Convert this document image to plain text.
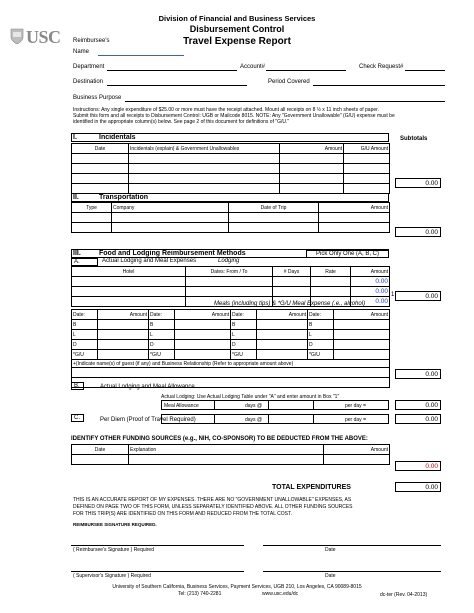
USC
Division of Financial and Business Services
Disbursement Control
Travel Expense Report
Reimbursee's
Name
Department	Account#	Check Request#
Destination	Period Covered
Business Purpose
Instructions: Any single expenditure of $25.00 or more must have the receipt attached. Mount all receipts on 8 ½ x 11 inch sheets of paper.
Submit this form and all receipts to Disbursement Control: UGB or Mailcode 8015. NOTE: Any "Government Unallowable" (G/U) expense must be
identified in the appropriate column(s) below. See page 2 of this document for definitions of "G/U."
I.	Incidentals	Subtotals
Date	Incidentals (explain) & Government Unallowables	Amount	G/U Amount

0.00
II.	Transportation
Type	Company	Date of Trip	Amount

0.00
III.	Food and Lodging Reimbursement Methods	Pick Only One (A, B, C)
A.	Actual Lodging and Meal Expenses	Lodging
Hotel	Dates: From / To	# Days	Rate	Amount
				0.00
				0.00
				0.00
1	0.00
Meals (including tips) & *G/U Meal Expense (.e., alcohol)
Date:	Amount	Date:	Amount	Date:	Amount	Date:	Amount
B		B		B		B	
L		L		L		L	
D		D		D		D	
*G/U		*G/U		*G/U		*G/U	
+(Indicate name(s) of guest (if any) and Business Relationship (Refer to appropriate amount above)							

0.00
B.	Actual Lodging and Meal Allowance
Actual Lodging: Use Actual Lodging Table under "A" and enter amount in Box "1"
Meal Allowance	days @	per day =	0.00
C.	Per Diem (Proof of Travel Required)	days @	per day =	0.00
IDENTIFY OTHER FUNDING SOURCES (e.g., NIH, CO-SPONSOR) TO BE DEDUCTED FROM THE ABOVE:
Date	Explanation	Amount

0.00
TOTAL EXPENDITURES	0.00
THIS IS AN ACCURATE REPORT OF MY EXPENSES. THERE ARE NO "GOVERNMENT UNALLOWABLE" EXPENSES, AS
DEFINED ON PAGE TWO OF THIS FORM, UNLESS SEPARATELY IDENTIFIED ABOVE. ALL OTHER FUNDING SOURCES
FOR THIS TRIP(S) ARE IDENTIFIED ON THIS FORM AND REDUCED FROM THE TOTAL COST.
REIMBURSEE SIGNATURE REQUIRED.
( Reimbursee's Signature ) Required	Date
( Supervisor's Signature ) Required	Date
University of Southern California, Business Services, Payment Services, UGB 210, Los Angeles, CA 90089-8015
Tel: (213) 740-2281	www.usc.edu/dc	dc-ter (Rev. 04-2013)
